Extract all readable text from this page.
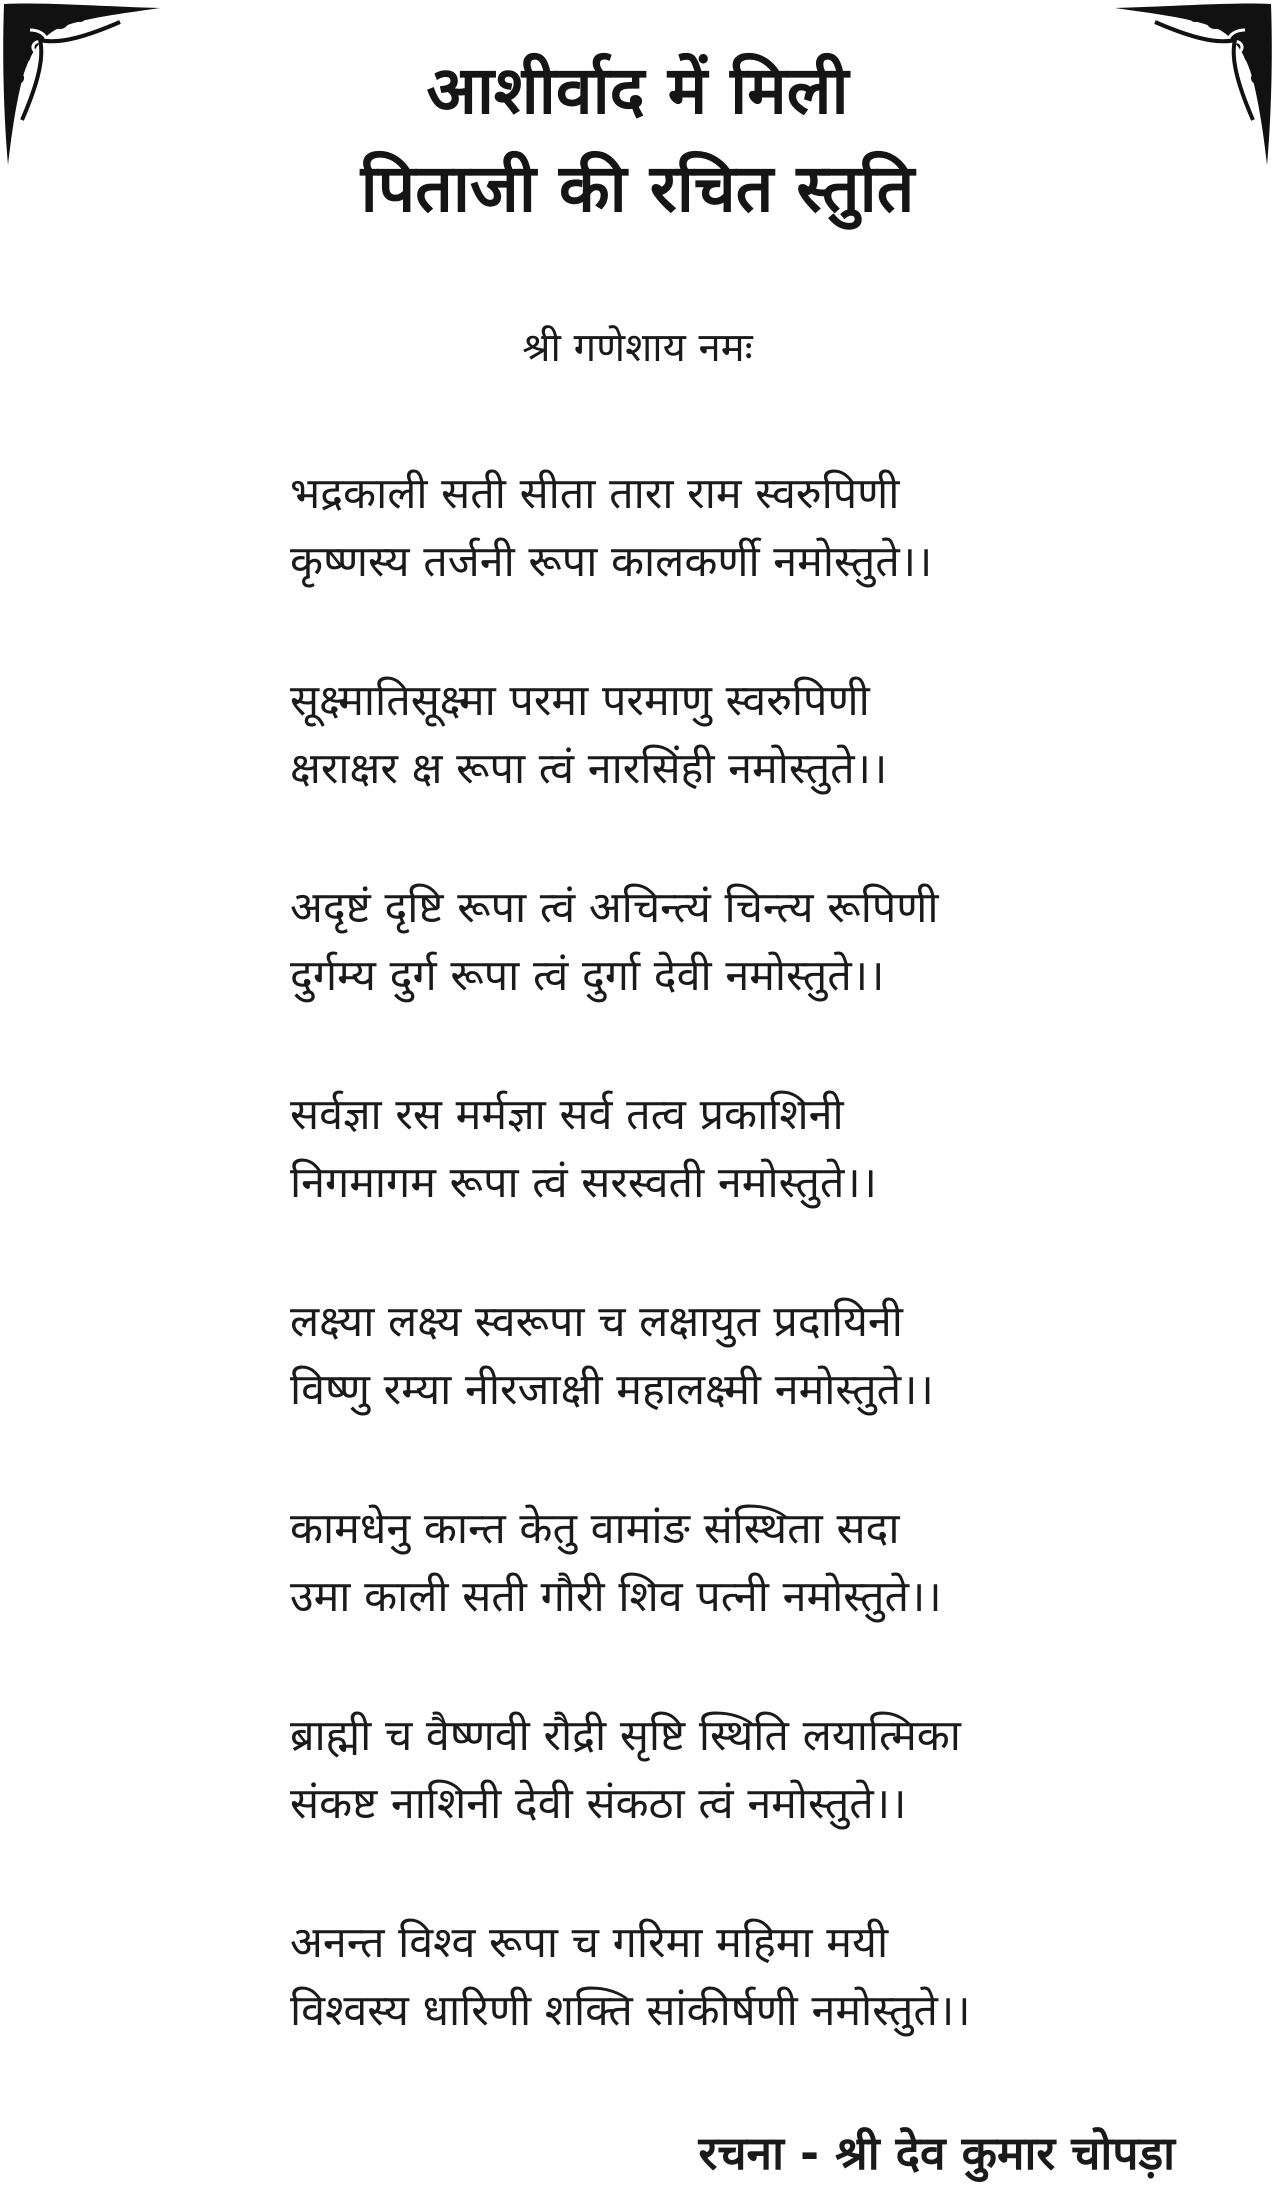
आशीर्वाद में मिली
पिताजी की रचित स्तुति
श्री गणेशाय नमः
भद्रकाली सती सीता तारा राम स्वरुपिणी
कृष्णस्य तर्जनी रूपा कालकर्णी नमोस्तुते।।
सूक्ष्मातिसूक्ष्मा परमा परमाणु स्वरुपिणी
क्षराक्षर क्ष रूपा त्वं नारसिंही नमोस्तुते।।
अदृष्टं दृष्टि रूपा त्वं अचिन्त्यं चिन्त्य रूपिणी
दुर्गम्य दुर्ग रूपा त्वं दुर्गा देवी नमोस्तुते।।
सर्वज्ञा रस मर्मज्ञा सर्व तत्व प्रकाशिनी
निगमागम रूपा त्वं सरस्वती नमोस्तुते।।
लक्ष्या लक्ष्य स्वरूपा च लक्षायुत प्रदायिनी
विष्णु रम्या नीरजाक्षी महालक्ष्मी नमोस्तुते।।
कामधेनु कान्त केतु वामांङ संस्थिता सदा
उमा काली सती गौरी शिव पत्नी नमोस्तुते।।
ब्राह्मी च वैष्णवी रौद्री सृष्टि स्थिति लयात्मिका
संकष्ट नाशिनी देवी संकठा त्वं नमोस्तुते।।
अनन्त विश्व रूपा च गरिमा महिमा मयी
विश्वस्य धारिणी शक्ति सांकीर्षणी नमोस्तुते।।
रचना - श्री देव कुमार चोपड़ा
